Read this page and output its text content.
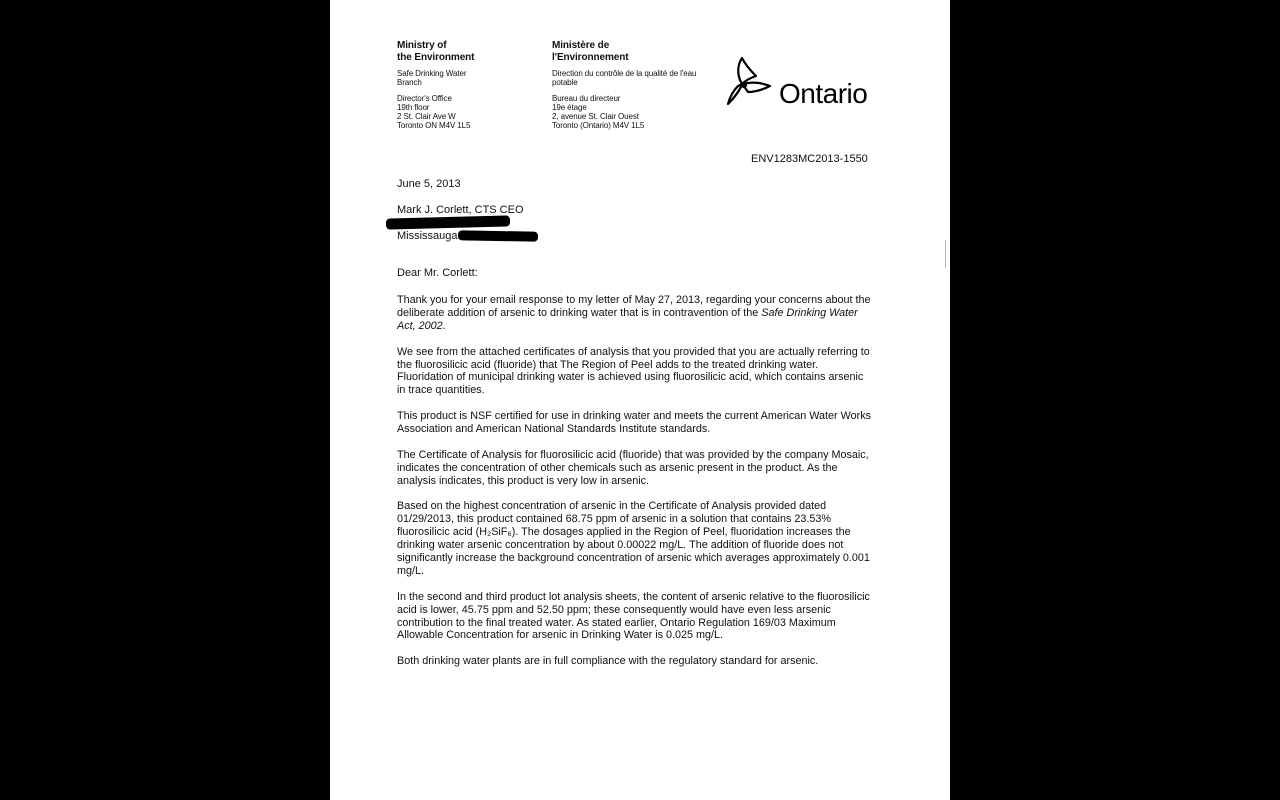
Ministry of
the Environment
Safe Drinking Water
Branch
Director's Office
19th floor
2 St. Clair Ave W
Toronto ON M4V 1L5
Ministère de
l'Environnement
Direction du contrôle de la qualité de l'eau
potable
Bureau du directeur
19e étage
2, avenue St. Clair Ouest
Toronto (Ontario) M4V 1L5
Ontario
ENV1283MC2013-1550
June 5, 2013
Mark J. Corlett, CTS CEO
Mississauga
Dear Mr. Corlett:

Thank you for your email response to my letter of May 27, 2013, regarding your concerns about the deliberate addition of arsenic to drinking water that is in contravention of the Safe Drinking Water Act, 2002.

We see from the attached certificates of analysis that you provided that you are actually referring to the fluorosilicic acid (fluoride) that The Region of Peel adds to the treated drinking water. Fluoridation of municipal drinking water is achieved using fluorosilicic acid, which contains arsenic in trace quantities.

This product is NSF certified for use in drinking water and meets the current American Water Works Association and American National Standards Institute standards.

The Certificate of Analysis for fluorosilicic acid (fluoride) that was provided by the company Mosaic, indicates the concentration of other chemicals such as arsenic present in the product. As the analysis indicates, this product is very low in arsenic.

Based on the highest concentration of arsenic in the Certificate of Analysis provided dated 01/29/2013, this product contained 68.75 ppm of arsenic in a solution that contains 23.53% fluorosilicic acid (H₂SiF₆). The dosages applied in the Region of Peel, fluoridation increases the drinking water arsenic concentration by about 0.00022 mg/L. The addition of fluoride does not significantly increase the background concentration of arsenic which averages approximately 0.001 mg/L.

In the second and third product lot analysis sheets, the content of arsenic relative to the fluorosilicic acid is lower, 45.75 ppm and 52.50 ppm; these consequently would have even less arsenic contribution to the final treated water. As stated earlier, Ontario Regulation 169/03 Maximum Allowable Concentration for arsenic in Drinking Water is 0.025 mg/L.

Both drinking water plants are in full compliance with the regulatory standard for arsenic.
